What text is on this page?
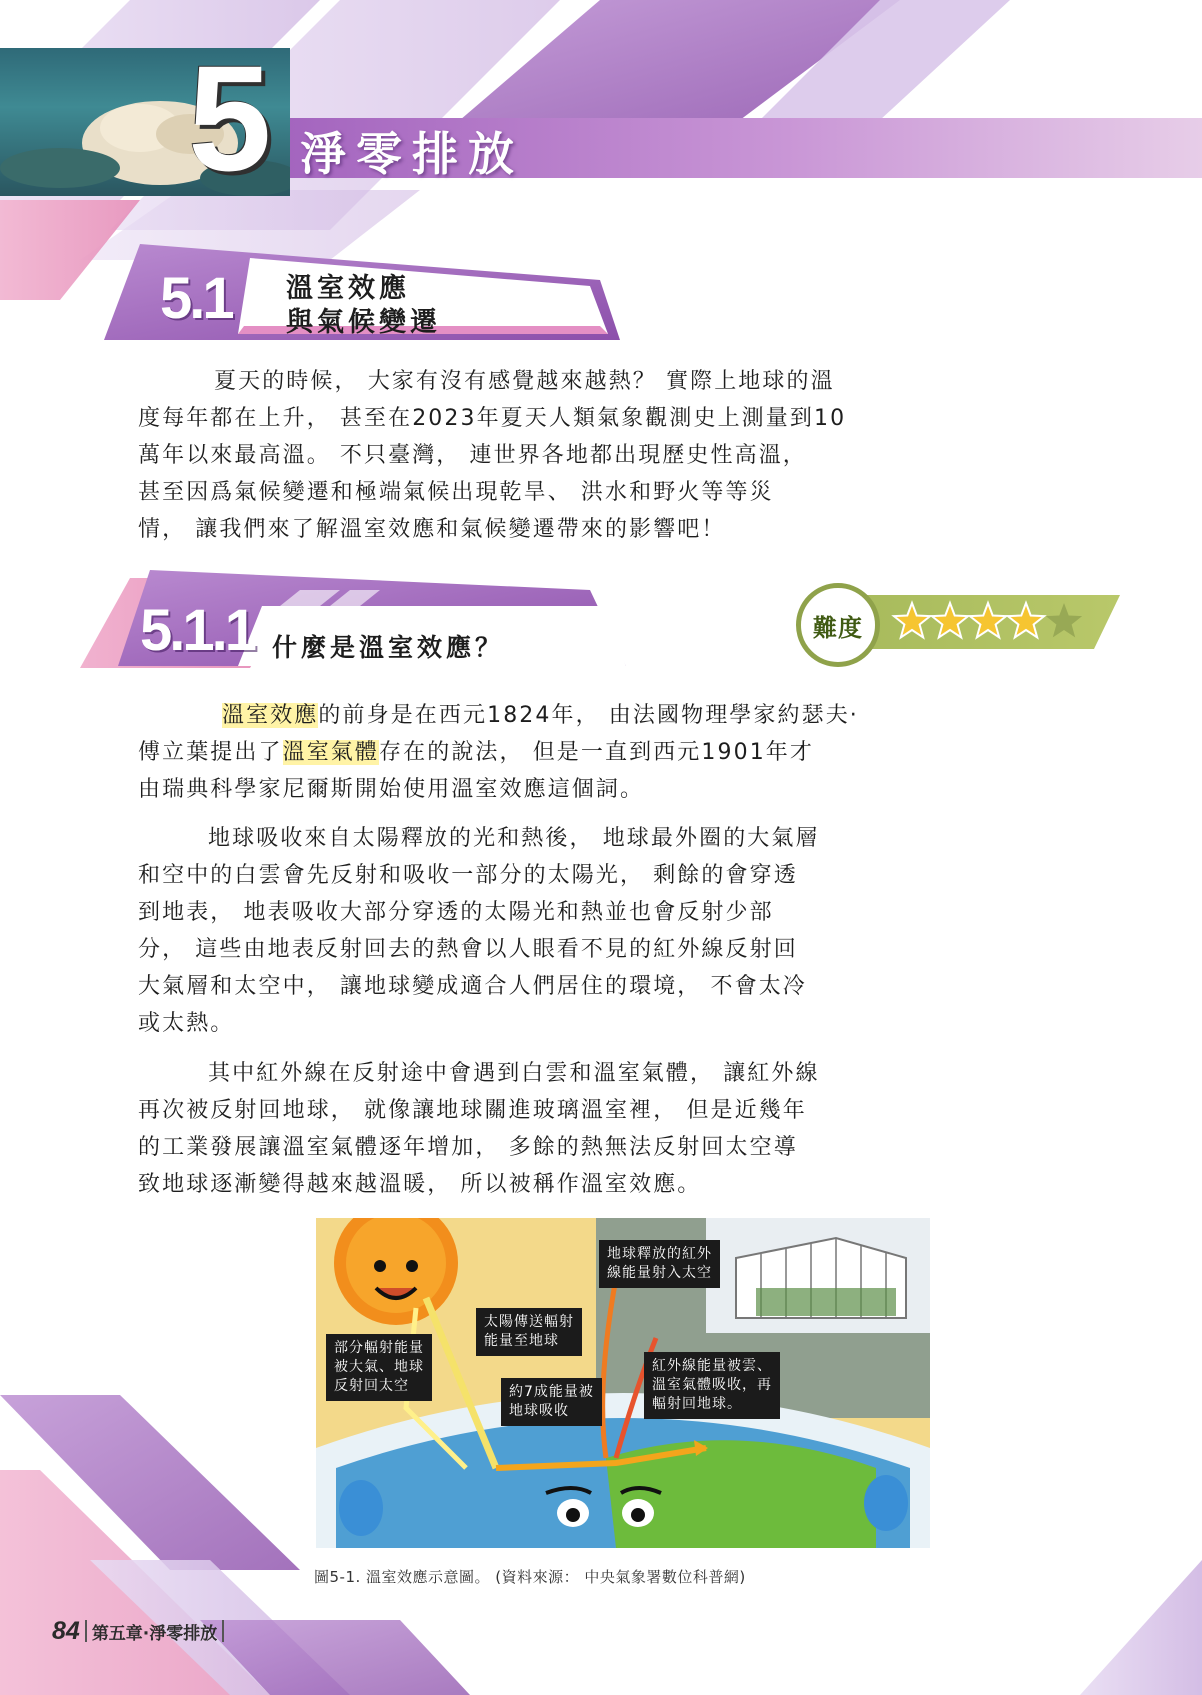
5 淨零排放
5.1 溫室效應
與氣候變遷
夏天的時候， 大家有沒有感覺越來越熱？ 實際上地球的溫
度每年都在上升， 甚至在2023年夏天人類氣象觀測史上測量到10
萬年以來最高溫。 不只臺灣， 連世界各地都出現歷史性高溫，
甚至因爲氣候變遷和極端氣候出現乾旱、 洪水和野火等等災
情， 讓我們來了解溫室效應和氣候變遷帶來的影響吧！
5.1.1 什麼是溫室效應？
難度
溫室效應的前身是在西元1824年， 由法國物理學家約瑟夫·
傅立葉提出了溫室氣體存在的說法， 但是一直到西元1901年才
由瑞典科學家尼爾斯開始使用溫室效應這個詞。
地球吸收來自太陽釋放的光和熱後， 地球最外圈的大氣層
和空中的白雲會先反射和吸收一部分的太陽光， 剩餘的會穿透
到地表， 地表吸收大部分穿透的太陽光和熱並也會反射少部
分， 這些由地表反射回去的熱會以人眼看不見的紅外線反射回
大氣層和太空中， 讓地球變成適合人們居住的環境， 不會太冷
或太熱。
其中紅外線在反射途中會遇到白雲和溫室氣體， 讓紅外線
再次被反射回地球， 就像讓地球關進玻璃溫室裡， 但是近幾年
的工業發展讓溫室氣體逐年增加， 多餘的熱無法反射回太空導
致地球逐漸變得越來越溫暖， 所以被稱作溫室效應。
地球釋放的紅外
線能量射入太空
太陽傳送輻射
能量至地球
部分輻射能量
被大氣、地球
反射回太空	約7成能量被
地球吸收
紅外線能量被雲、
溫室氣體吸收，再
輻射回地球。
圖5-1. 溫室效應示意圖。 (資料來源： 中央氣象署數位科普網)
84 第五章·淨零排放
